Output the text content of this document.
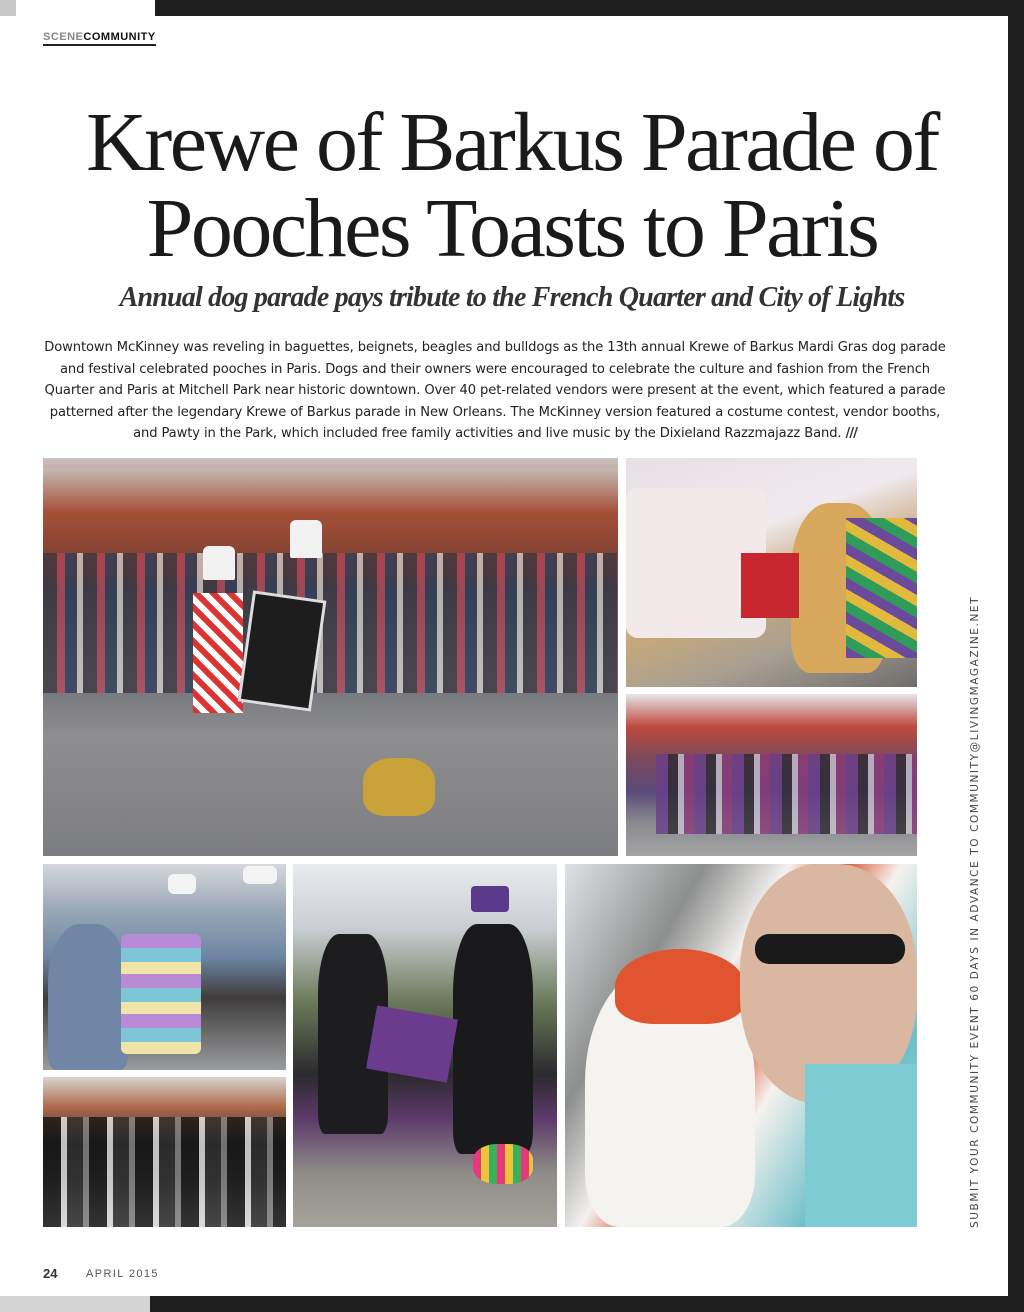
SCENECOMMUNITY
Krewe of Barkus Parade of Pooches Toasts to Paris
Annual dog parade pays tribute to the French Quarter and City of Lights

Downtown McKinney was reveling in baguettes, beignets, beagles and bulldogs as the 13th annual Krewe of Barkus Mardi Gras dog parade and festival celebrated pooches in Paris. Dogs and their owners were encouraged to celebrate the culture and fashion from the French Quarter and Paris at Mitchell Park near historic downtown. Over 40 pet-related vendors were present at the event, which featured a parade patterned after the legendary Krewe of Barkus parade in New Orleans. The McKinney version featured a costume contest, vendor booths, and Pawty in the Park, which included free family activities and live music by the Dixieland Razzmajazz Band. ///

SUBMIT YOUR COMMUNITY EVENT 60 DAYS IN ADVANCE TO COMMUNITY@LIVINGMAGAZINE.NET
24	APRIL 2015
